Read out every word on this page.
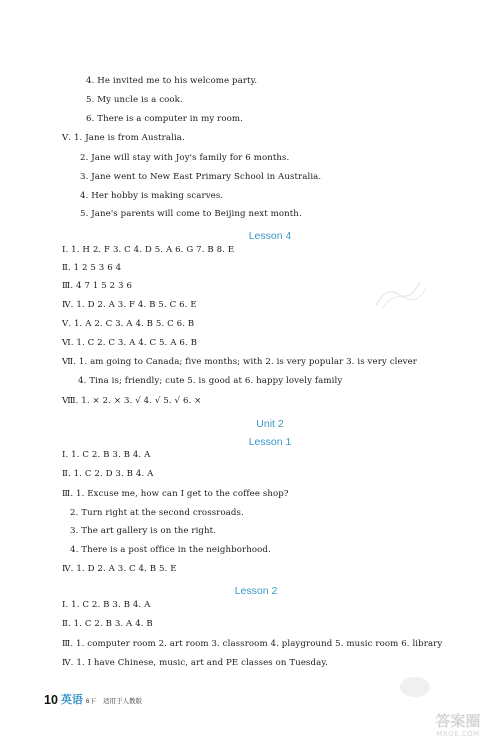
4. He invited me to his welcome party.
5. My uncle is a cook.
6. There is a computer in my room.
Ⅴ. 1. Jane is from Australia.
2. Jane will stay with Joy's family for 6 months.
3. Jane went to New East Primary School in Australia.
4. Her hobby is making scarves.
5. Jane's parents will come to Beijing next month.
Lesson 4
Ⅰ. 1. H 2. F 3. C 4. D 5. A 6. G 7. B 8. E
Ⅱ. 1 2 5 3 6 4
Ⅲ. 4 7 1 5 2 3 6
Ⅳ. 1. D 2. A 3. F 4. B 5. C 6. E
Ⅴ. 1. A 2. C 3. A 4. B 5. C 6. B
Ⅵ. 1. C 2. C 3. A 4. C 5. A 6. B
Ⅶ. 1. am going to Canada; five months; with 2. is very popular 3. is very clever
4. Tina is; friendly; cute 5. is good at 6. happy lovely family
Ⅷ. 1. × 2. × 3. √ 4. √ 5. √ 6. ×
Unit 2
Lesson 1
Ⅰ. 1. C 2. B 3. B 4. A
Ⅱ. 1. C 2. D 3. B 4. A
Ⅲ. 1. Excuse me, how can I get to the coffee shop?
2. Turn right at the second crossroads.
3. The art gallery is on the right.
4. There is a post office in the neighborhood.
Ⅳ. 1. D 2. A 3. C 4. B 5. E
Lesson 2
Ⅰ. 1. C 2. B 3. B 4. A
Ⅱ. 1. C 2. B 3. A 4. B
Ⅲ. 1. computer room 2. art room 3. classroom 4. playground 5. music room 6. library
Ⅳ. 1. I have Chinese, music, art and PE classes on Tuesday.
10 英语 6下 适用于人教版
答案圈
MXQE.COM
